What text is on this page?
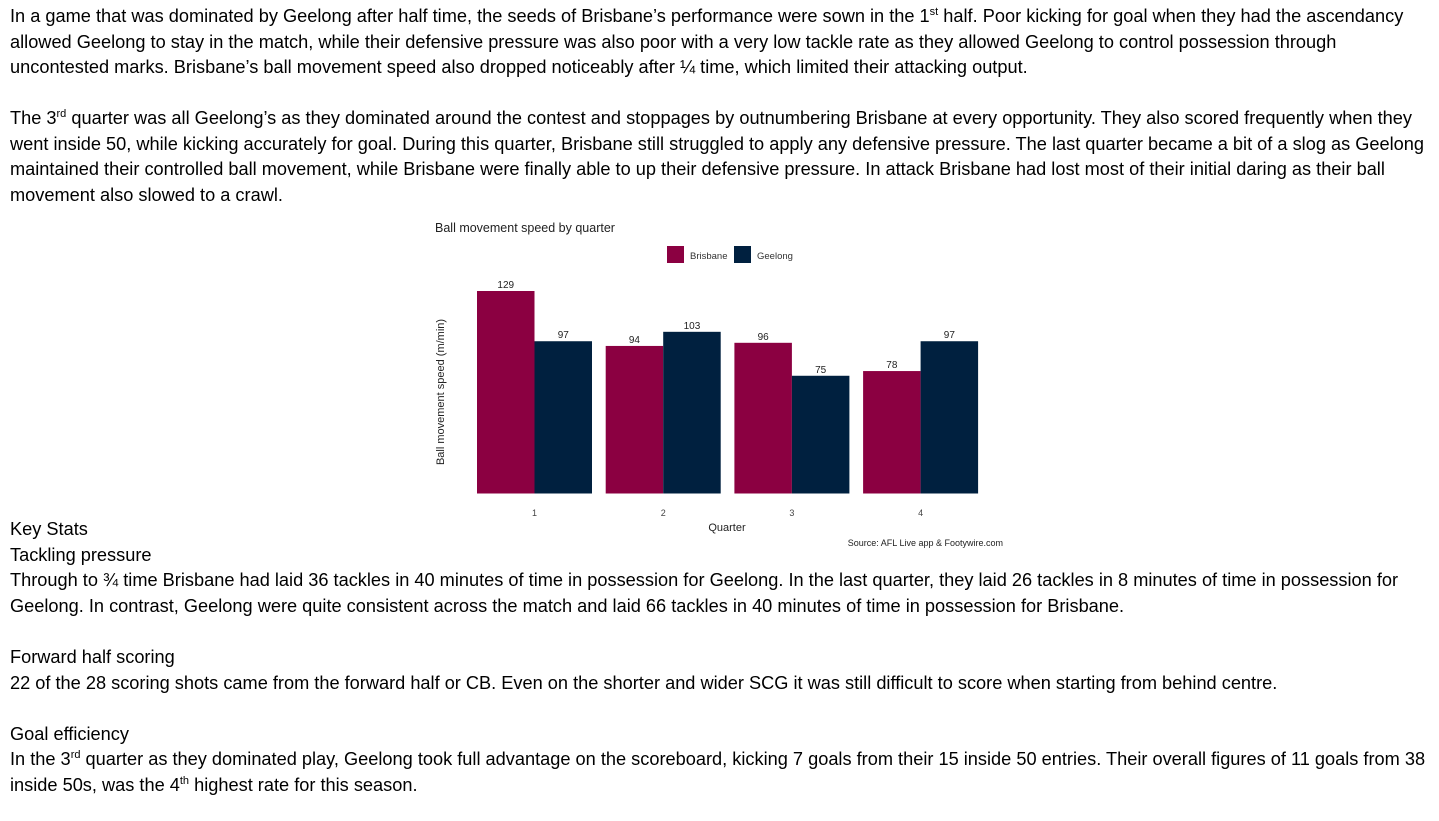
In a game that was dominated by Geelong after half time, the seeds of Brisbane’s performance were sown in the 1st half. Poor kicking for goal when they had the ascendancy allowed Geelong to stay in the match, while their defensive pressure was also poor with a very low tackle rate as they allowed Geelong to control possession through uncontested marks. Brisbane’s ball movement speed also dropped noticeably after ¼ time, which limited their attacking output.

The 3rd quarter was all Geelong’s as they dominated around the contest and stoppages by outnumbering Brisbane at every opportunity. They also scored frequently when they went inside 50, while kicking accurately for goal. During this quarter, Brisbane still struggled to apply any defensive pressure. The last quarter became a bit of a slog as Geelong maintained their controlled ball movement, while Brisbane were finally able to up their defensive pressure. In attack Brisbane had lost most of their initial daring as their ball movement also slowed to a crawl.

Ball movement speed by quarter
Brisbane	Geelong
129
97	94
103
96
75	78
97
1	2	3	4
Ball movement speed (m/min)
Quarter
Source: AFL Live app & Footywire.com
Key Stats
Tackling pressure
Through to ¾ time Brisbane had laid 36 tackles in 40 minutes of time in possession for Geelong. In the last quarter, they laid 26 tackles in 8 minutes of time in possession for Geelong. In contrast, Geelong were quite consistent across the match and laid 66 tackles in 40 minutes of time in possession for Brisbane.
Forward half scoring
22 of the 28 scoring shots came from the forward half or CB. Even on the shorter and wider SCG it was still difficult to score when starting from behind centre.
Goal efficiency
In the 3rd quarter as they dominated play, Geelong took full advantage on the scoreboard, kicking 7 goals from their 15 inside 50 entries. Their overall figures of 11 goals from 38 inside 50s, was the 4th highest rate for this season.
